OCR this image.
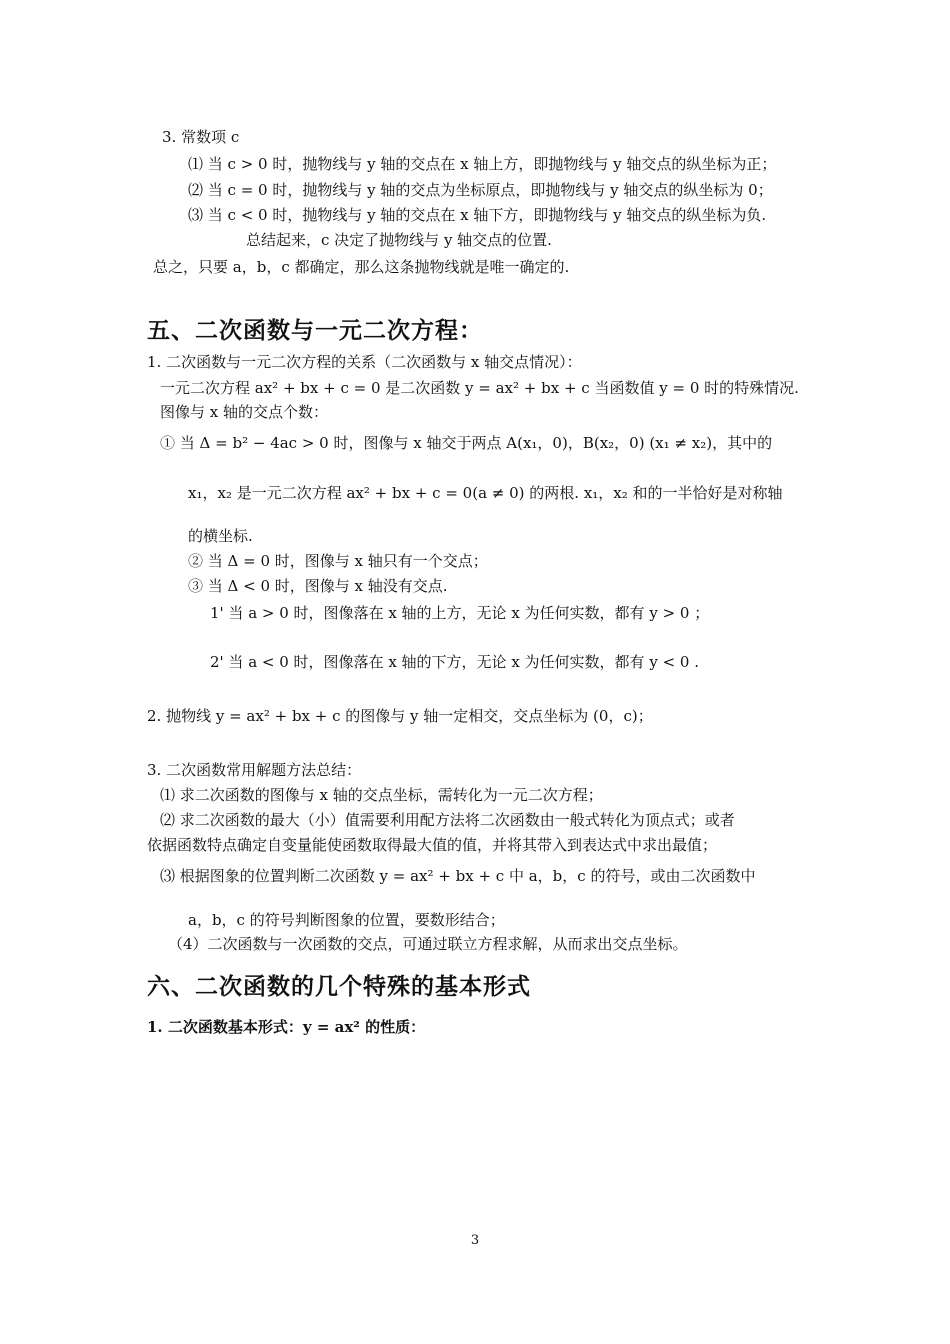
3. 常数项 c
⑴ 当 c > 0 时，抛物线与 y 轴的交点在 x 轴上方，即抛物线与 y 轴交点的纵坐标为正；
⑵ 当 c = 0 时，抛物线与 y 轴的交点为坐标原点，即抛物线与 y 轴交点的纵坐标为 0；
⑶ 当 c < 0 时，抛物线与 y 轴的交点在 x 轴下方，即抛物线与 y 轴交点的纵坐标为负.
总结起来，c 决定了抛物线与 y 轴交点的位置.
总之，只要 a，b，c 都确定，那么这条抛物线就是唯一确定的.
五、二次函数与一元二次方程：
1. 二次函数与一元二次方程的关系（二次函数与 x 轴交点情况）：
一元二次方程 ax² + bx + c = 0 是二次函数 y = ax² + bx + c 当函数值 y = 0 时的特殊情况.
图像与 x 轴的交点个数：
① 当 Δ = b² − 4ac > 0 时，图像与 x 轴交于两点 A(x₁，0)，B(x₂，0) (x₁ ≠ x₂)，其中的
x₁，x₂ 是一元二次方程 ax² + bx + c = 0(a ≠ 0) 的两根. x₁，x₂ 和的一半恰好是对称轴
的横坐标.
② 当 Δ = 0 时，图像与 x 轴只有一个交点；
③ 当 Δ < 0 时，图像与 x 轴没有交点.
1' 当 a > 0 时，图像落在 x 轴的上方，无论 x 为任何实数，都有 y > 0 ；
2' 当 a < 0 时，图像落在 x 轴的下方，无论 x 为任何实数，都有 y < 0 .
2. 抛物线 y = ax² + bx + c 的图像与 y 轴一定相交，交点坐标为 (0，c)；
3. 二次函数常用解题方法总结：
⑴ 求二次函数的图像与 x 轴的交点坐标，需转化为一元二次方程；
⑵ 求二次函数的最大（小）值需要利用配方法将二次函数由一般式转化为顶点式；或者
依据函数特点确定自变量能使函数取得最大值的值，并将其带入到表达式中求出最值；
⑶ 根据图象的位置判断二次函数 y = ax² + bx + c 中 a，b，c 的符号，或由二次函数中
a，b，c 的符号判断图象的位置，要数形结合；
（4）二次函数与一次函数的交点，可通过联立方程求解，从而求出交点坐标。
六、二次函数的几个特殊的基本形式
1. 二次函数基本形式：y = ax² 的性质：
3
